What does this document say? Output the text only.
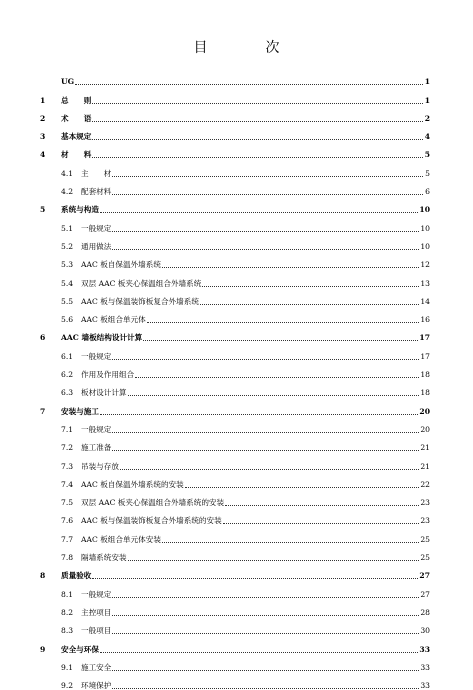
目　次
UG	1
1	总　　则	1
2	术　　语	2
3	基本规定	4
4	材　　料	5
4.1	主　　材	5
4.2	配套材料	6
5	系统与构造	10
5.1	一般规定	10
5.2	通用做法	10
5.3	AAC 板自保温外墙系统	12
5.4	双层 AAC 板夹心保温组合外墙系统	13
5.5	AAC 板与保温装饰板复合外墙系统	14
5.6	AAC 板组合单元体	16
6	AAC 墙板结构设计计算	17
6.1	一般规定	17
6.2	作用及作用组合	18
6.3	板材设计计算	18
7	安装与施工	20
7.1	一般规定	20
7.2	施工准备	21
7.3	吊装与存放	21
7.4	AAC 板自保温外墙系统的安装	22
7.5	双层 AAC 板夹心保温组合外墙系统的安装	23
7.6	AAC 板与保温装饰板复合外墙系统的安装	23
7.7	AAC 板组合单元体安装	25
7.8	隔墙系统安装	25
8	质量验收	27
8.1	一般规定	27
8.2	主控项目	28
8.3	一般项目	30
9	安全与环保	33
9.1	施工安全	33
9.2	环境保护	33
